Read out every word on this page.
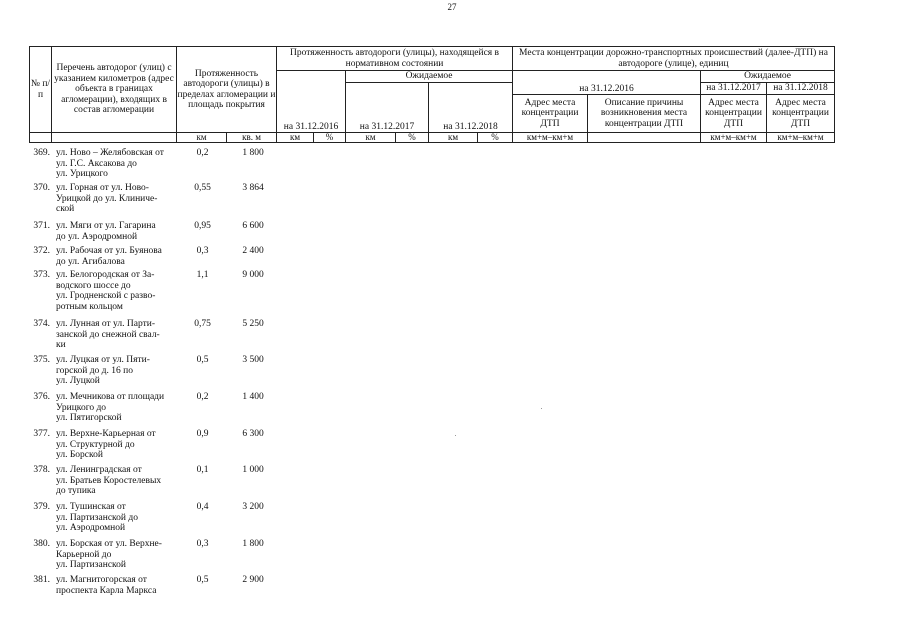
27
№ п/п	Перечень автодорог (улиц) с указанием километров (адрес объекта в границах агломерации), входящих в состав агломерации	Протяженность автодороги (улицы) в пределах агломерации и площадь покрытия		Протяженность автодороги (улицы), находящейся в нормативном состоянии						Места концентрации дорожно-транспортных происшествий (далее-ДТП) на автодороге (улице), единиц			
				на 31.12.2016		Ожидаемое				на 31.12.2016		Ожидаемое	
						на 31.12.2017		на 31.12.2018				на 31.12.2017	на 31.12.2018
										Адрес места концентрации ДТП	Описание причины возникновения места концентрации ДТП	Адрес места концентрации ДТП	Адрес места концентрации ДТП
		км	кв. м	км	%	км	%	км	%	км+м–км+м		км+м–км+м	км+м–км+м
369. ул. Ново – Желябовская от
ул. Г.С. Аксакова до
ул. Урицкого
0,2	1 800
370. ул. Горная от ул. Ново-
Урицкой до ул. Клиниче-
ской
0,55	3 864
371. ул. Мяги от ул. Гагарина
до ул. Аэродромной
0,95	6 600
372. ул. Рабочая от ул. Буянова
до ул. Агибалова
0,3	2 400
373. ул. Белогородская от За-
водского шоссе до
ул. Гродненской с разво-
ротным кольцом
1,1	9 000
374. ул. Лунная от ул. Парти-
занской до снежной свал-
ки
0,75	5 250
375. ул. Луцкая от ул. Пяти-
горской до д. 16 по
ул. Луцкой
0,5	3 500
376. ул. Мечникова от площади
Урицкого до
ул. Пятигорской
0,2	1 400
377. ул. Верхне-Карьерная от
ул. Структурной до
ул. Борской
0,9	6 300
378. ул. Ленинградская от
ул. Братьев Коростелевых
до тупика
0,1	1 000
379. ул. Тушинская от
ул. Партизанской до
ул. Аэродромной
0,4	3 200
380. ул. Борская от ул. Верхне-
Карьерной до
ул. Партизанской
0,3	1 800
381. ул. Магнитогорская от
проспекта Карла Маркса
0,5	2 900
